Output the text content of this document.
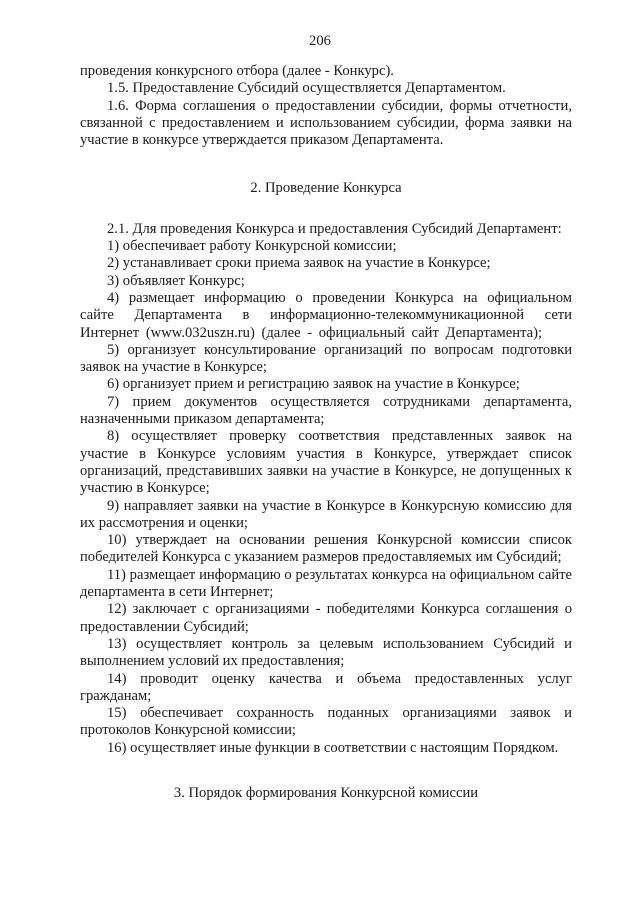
206

проведения конкурсного отбора (далее - Конкурс).

1.5. Предоставление Субсидий осуществляется Департаментом.

1.6. Форма соглашения о предоставлении субсидии, формы отчетности, связанной с предоставлением и использованием субсидии, форма заявки на участие в конкурсе утверждается приказом Департамента.

2. Проведение Конкурса

2.1. Для проведения Конкурса и предоставления Субсидий Департамент:

1) обеспечивает работу Конкурсной комиссии;

2) устанавливает сроки приема заявок на участие в Конкурсе;

3) объявляет Конкурс;

4) размещает информацию о проведении Конкурса на официальном сайте Департамента в информационно-телекоммуникационной сети Интернет (www.032uszн.ru) (далее - официальный сайт Департамента);

5) организует консультирование организаций по вопросам подготовки заявок на участие в Конкурсе;

6) организует прием и регистрацию заявок на участие в Конкурсе;

7) прием документов осуществляется сотрудниками департамента, назначенными приказом департамента;

8) осуществляет проверку соответствия представленных заявок на участие в Конкурсе условиям участия в Конкурсе, утверждает список организаций, представивших заявки на участие в Конкурсе, не допущенных к участию в Конкурсе;

9) направляет заявки на участие в Конкурсе в Конкурсную комиссию для их рассмотрения и оценки;

10) утверждает на основании решения Конкурсной комиссии список победителей Конкурса с указанием размеров предоставляемых им Субсидий;

11) размещает информацию о результатах конкурса на официальном сайте департамента в сети Интернет;

12) заключает с организациями - победителями Конкурса соглашения о предоставлении Субсидий;

13) осуществляет контроль за целевым использованием Субсидий и выполнением условий их предоставления;

14) проводит оценку качества и объема предоставленных услуг гражданам;

15) обеспечивает сохранность поданных организациями заявок и протоколов Конкурсной комиссии;

16) осуществляет иные функции в соответствии с настоящим Порядком.

3. Порядок формирования Конкурсной комиссии
